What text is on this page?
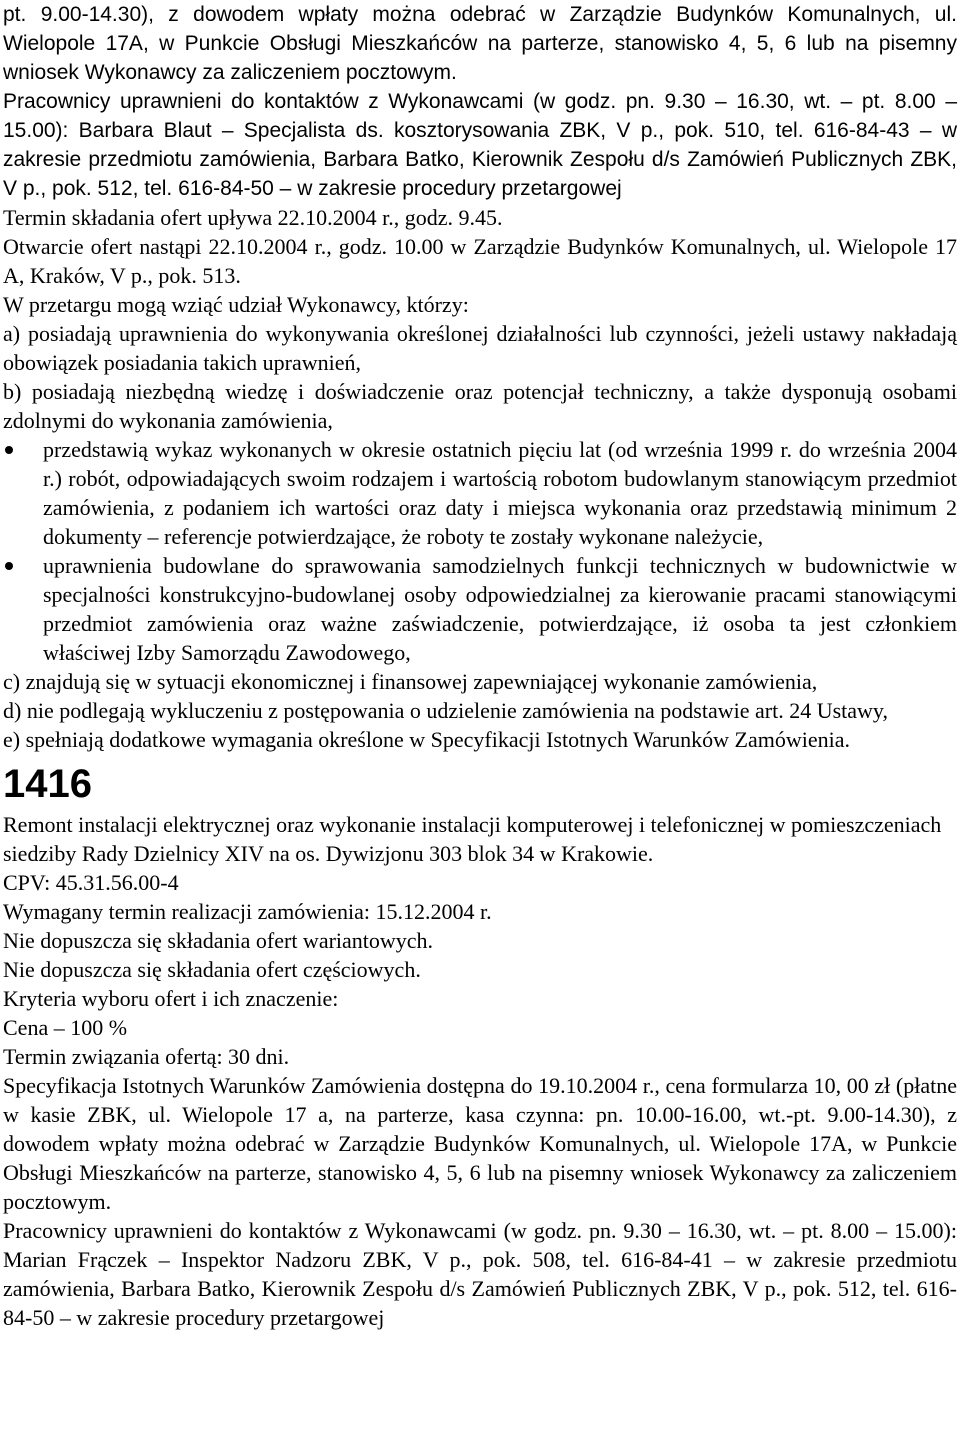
pt. 9.00-14.30), z dowodem wpłaty można odebrać w Zarządzie Budynków Komunalnych, ul. Wielopole 17A, w Punkcie Obsługi Mieszkańców na parterze, stanowisko 4, 5, 6 lub na pisemny wniosek Wykonawcy za zaliczeniem pocztowym.

Pracownicy uprawnieni do kontaktów z Wykonawcami (w godz. pn. 9.30 – 16.30, wt. – pt. 8.00 – 15.00): Barbara Blaut – Specjalista ds. kosztorysowania ZBK, V p., pok. 510, tel. 616-84-43 – w zakresie przedmiotu zamówienia, Barbara Batko, Kierownik Zespołu d/s Zamówień Publicznych ZBK, V p., pok. 512, tel. 616-84-50 – w zakresie procedury przetargowej

Termin składania ofert upływa 22.10.2004 r., godz. 9.45.

Otwarcie ofert nastąpi 22.10.2004 r., godz. 10.00 w Zarządzie Budynków Komunalnych, ul. Wielopole 17 A, Kraków, V p., pok. 513.

W przetargu mogą wziąć udział Wykonawcy, którzy:

a) posiadają uprawnienia do wykonywania określonej działalności lub czynności, jeżeli ustawy nakładają obowiązek posiadania takich uprawnień,

b) posiadają niezbędną wiedzę i doświadczenie oraz potencjał techniczny, a także dysponują osobami zdolnymi do wykonania zamówienia,

przedstawią wykaz wykonanych w okresie ostatnich pięciu lat (od września 1999 r. do września 2004 r.) robót, odpowiadających swoim rodzajem i wartością robotom budowlanym stanowiącym przedmiot zamówienia, z podaniem ich wartości oraz daty i miejsca wykonania oraz przedstawią minimum 2 dokumenty – referencje potwierdzające, że roboty te zostały wykonane należycie,
uprawnienia budowlane do sprawowania samodzielnych funkcji technicznych w budownictwie w specjalności konstrukcyjno-budowlanej osoby odpowiedzialnej za kierowanie pracami stanowiącymi przedmiot zamówienia oraz ważne zaświadczenie, potwierdzające, iż osoba ta jest członkiem właściwej Izby Samorządu Zawodowego,

c) znajdują się w sytuacji ekonomicznej i finansowej zapewniającej wykonanie zamówienia,

d) nie podlegają wykluczeniu z postępowania o udzielenie zamówienia na podstawie art. 24 Ustawy,

e) spełniają dodatkowe wymagania określone w Specyfikacji Istotnych Warunków Zamówienia.

1416

Remont instalacji elektrycznej oraz wykonanie instalacji komputerowej i telefonicznej w pomieszczeniach siedziby Rady Dzielnicy XIV na os. Dywizjonu 303 blok 34 w Krakowie.

CPV: 45.31.56.00-4

Wymagany termin realizacji zamówienia: 15.12.2004 r.

Nie dopuszcza się składania ofert wariantowych.

Nie dopuszcza się składania ofert częściowych.

Kryteria wyboru ofert i ich znaczenie:

Cena – 100 %

Termin związania ofertą: 30 dni.

Specyfikacja Istotnych Warunków Zamówienia dostępna do 19.10.2004 r., cena formularza 10, 00 zł (płatne w kasie ZBK, ul. Wielopole 17 a, na parterze, kasa czynna: pn. 10.00-16.00, wt.-pt. 9.00-14.30), z dowodem wpłaty można odebrać w Zarządzie Budynków Komunalnych, ul. Wielopole 17A, w Punkcie Obsługi Mieszkańców na parterze, stanowisko 4, 5, 6 lub na pisemny wniosek Wykonawcy za zaliczeniem pocztowym.

Pracownicy uprawnieni do kontaktów z Wykonawcami (w godz. pn. 9.30 – 16.30, wt. – pt. 8.00 – 15.00): Marian Frączek – Inspektor Nadzoru ZBK, V p., pok. 508, tel. 616-84-41 – w zakresie przedmiotu zamówienia, Barbara Batko, Kierownik Zespołu d/s Zamówień Publicznych ZBK, V p., pok. 512, tel. 616-84-50 – w zakresie procedury przetargowej
